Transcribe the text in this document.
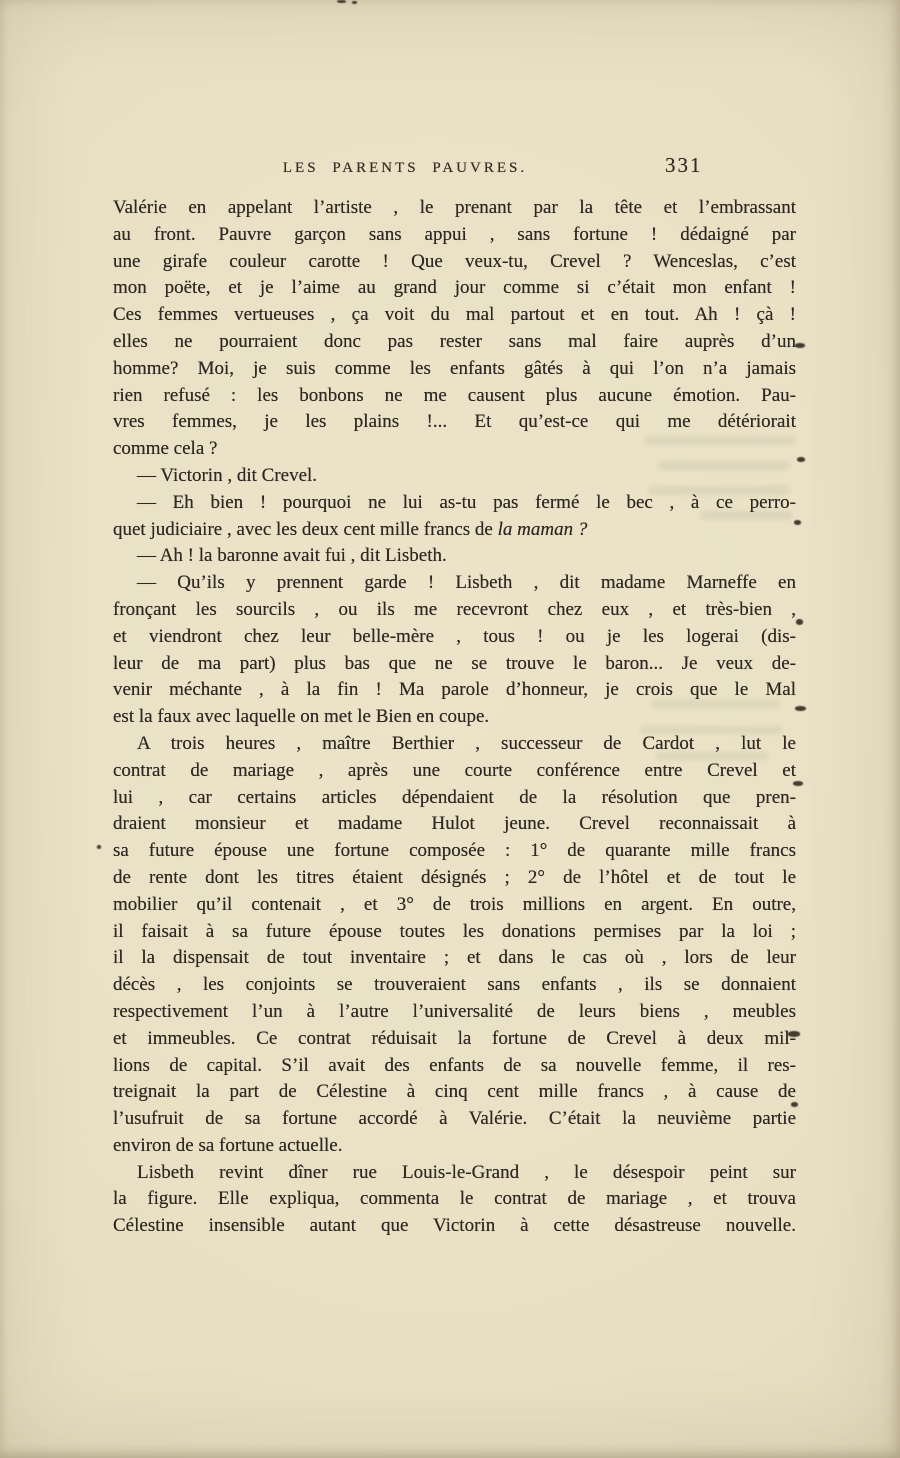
LES PARENTS PAUVRES.	331
Valérie en appelant l’artiste , le prenant par la tête et l’embrassant
au front. Pauvre garçon sans appui , sans fortune ! dédaigné par
une girafe couleur carotte ! Que veux-tu, Crevel ? Wenceslas, c’est
mon poëte, et je l’aime au grand jour comme si c’était mon enfant !
Ces femmes vertueuses , ça voit du mal partout et en tout. Ah ! çà !
elles ne pourraient donc pas rester sans mal faire auprès d’un
homme? Moi, je suis comme les enfants gâtés à qui l’on n’a jamais
rien refusé : les bonbons ne me causent plus aucune émotion. Pau-
vres femmes, je les plains !... Et qu’est-ce qui me détériorait
comme cela ?
— Victorin , dit Crevel.
— Eh bien ! pourquoi ne lui as-tu pas fermé le bec , à ce perro-
quet judiciaire , avec les deux cent mille francs de la maman ?
— Ah ! la baronne avait fui , dit Lisbeth.
— Qu’ils y prennent garde ! Lisbeth , dit madame Marneffe en
fronçant les sourcils , ou ils me recevront chez eux , et très-bien ,
et viendront chez leur belle-mère , tous ! ou je les logerai (dis-
leur de ma part) plus bas que ne se trouve le baron... Je veux de-
venir méchante , à la fin ! Ma parole d’honneur, je crois que le Mal
est la faux avec laquelle on met le Bien en coupe.
A trois heures , maître Berthier , successeur de Cardot , lut le
contrat de mariage , après une courte conférence entre Crevel et
lui , car certains articles dépendaient de la résolution que pren-
draient monsieur et madame Hulot jeune. Crevel reconnaissait à
sa future épouse une fortune composée : 1° de quarante mille francs
de rente dont les titres étaient désignés ; 2° de l’hôtel et de tout le
mobilier qu’il contenait , et 3° de trois millions en argent. En outre,
il faisait à sa future épouse toutes les donations permises par la loi ;
il la dispensait de tout inventaire ; et dans le cas où , lors de leur
décès , les conjoints se trouveraient sans enfants , ils se donnaient
respectivement l’un à l’autre l’universalité de leurs biens , meubles
et immeubles. Ce contrat réduisait la fortune de Crevel à deux mil-
lions de capital. S’il avait des enfants de sa nouvelle femme, il res-
treignait la part de Célestine à cinq cent mille francs , à cause de
l’usufruit de sa fortune accordé à Valérie. C’était la neuvième partie
environ de sa fortune actuelle.
Lisbeth revint dîner rue Louis-le-Grand , le désespoir peint sur
la figure. Elle expliqua, commenta le contrat de mariage , et trouva
Célestine insensible autant que Victorin à cette désastreuse nouvelle.
